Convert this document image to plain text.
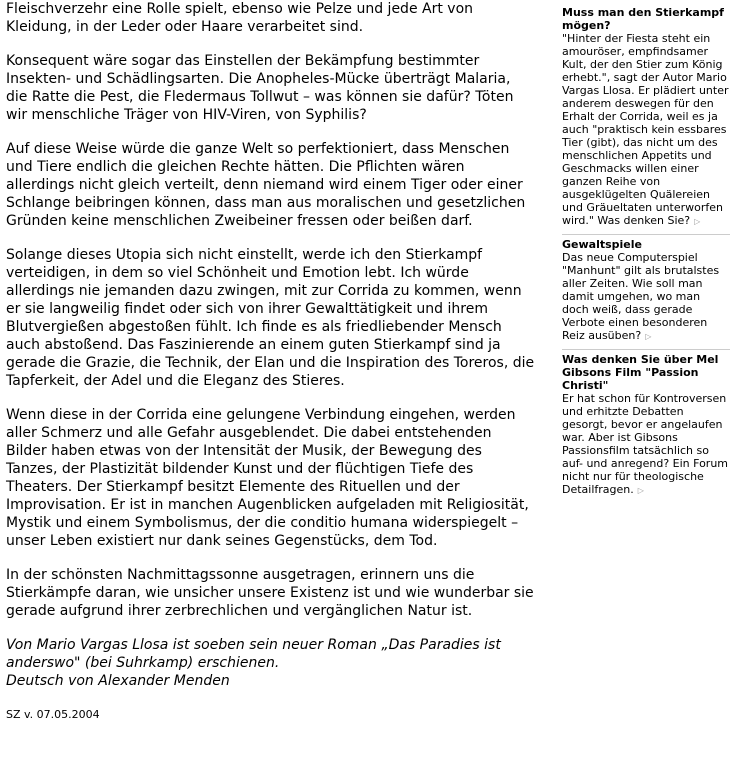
Fleischverzehr eine Rolle spielt, ebenso wie Pelze und jede Art von Kleidung, in der Leder oder Haare verarbeitet sind.

Konsequent wäre sogar das Einstellen der Bekämpfung bestimmter Insekten- und Schädlingsarten. Die Anopheles-Mücke überträgt Malaria, die Ratte die Pest, die Fledermaus Tollwut – was können sie dafür? Töten wir menschliche Träger von HIV-Viren, von Syphilis?

Auf diese Weise würde die ganze Welt so perfektioniert, dass Menschen und Tiere endlich die gleichen Rechte hätten. Die Pflichten wären allerdings nicht gleich verteilt, denn niemand wird einem Tiger oder einer Schlange beibringen können, dass man aus moralischen und gesetzlichen Gründen keine menschlichen Zweibeiner fressen oder beißen darf.

Solange dieses Utopia sich nicht einstellt, werde ich den Stierkampf verteidigen, in dem so viel Schönheit und Emotion lebt. Ich würde allerdings nie jemanden dazu zwingen, mit zur Corrida zu kommen, wenn er sie langweilig findet oder sich von ihrer Gewalttätigkeit und ihrem Blutvergießen abgestoßen fühlt. Ich finde es als friedliebender Mensch auch abstoßend. Das Faszinierende an einem guten Stierkampf sind ja gerade die Grazie, die Technik, der Elan und die Inspiration des Toreros, die Tapferkeit, der Adel und die Eleganz des Stieres.

Wenn diese in der Corrida eine gelungene Verbindung eingehen, werden aller Schmerz und alle Gefahr ausgeblendet. Die dabei entstehenden Bilder haben etwas von der Intensität der Musik, der Bewegung des Tanzes, der Plastizität bildender Kunst und der flüchtigen Tiefe des Theaters. Der Stierkampf besitzt Elemente des Rituellen und der Improvisation. Er ist in manchen Augenblicken aufgeladen mit Religiosität, Mystik und einem Symbolismus, der die conditio humana widerspiegelt – unser Leben existiert nur dank seines Gegenstücks, dem Tod.

In der schönsten Nachmittagssonne ausgetragen, erinnern uns die Stierkämpfe daran, wie unsicher unsere Existenz ist und wie wunderbar sie gerade aufgrund ihrer zerbrechlichen und vergänglichen Natur ist.

Von Mario Vargas Llosa ist soeben sein neuer Roman „Das Paradies ist anderswo" (bei Suhrkamp) erschienen.
Deutsch von Alexander Menden

SZ v. 07.05.2004

Muss man den Stierkampf mögen?

"Hinter der Fiesta steht ein amouröser, empfindsamer Kult, der den Stier zum König erhebt.", sagt der Autor Mario Vargas Llosa. Er plädiert unter anderem deswegen für den Erhalt der Corrida, weil es ja auch "praktisch kein essbares Tier (gibt), das nicht um des menschlichen Appetits und Geschmacks willen einer ganzen Reihe von ausgeklügelten Quälereien und Gräueltaten unterworfen wird." Was denken Sie? ▷

Gewaltspiele

Das neue Computerspiel "Manhunt" gilt als brutalstes aller Zeiten. Wie soll man damit umgehen, wo man doch weiß, dass gerade Verbote einen besonderen Reiz ausüben? ▷

Was denken Sie über Mel Gibsons Film "Passion Christi"

Er hat schon für Kontroversen und erhitzte Debatten gesorgt, bevor er angelaufen war. Aber ist Gibsons Passionsfilm tatsächlich so auf- und anregend? Ein Forum nicht nur für theologische Detailfragen. ▷
